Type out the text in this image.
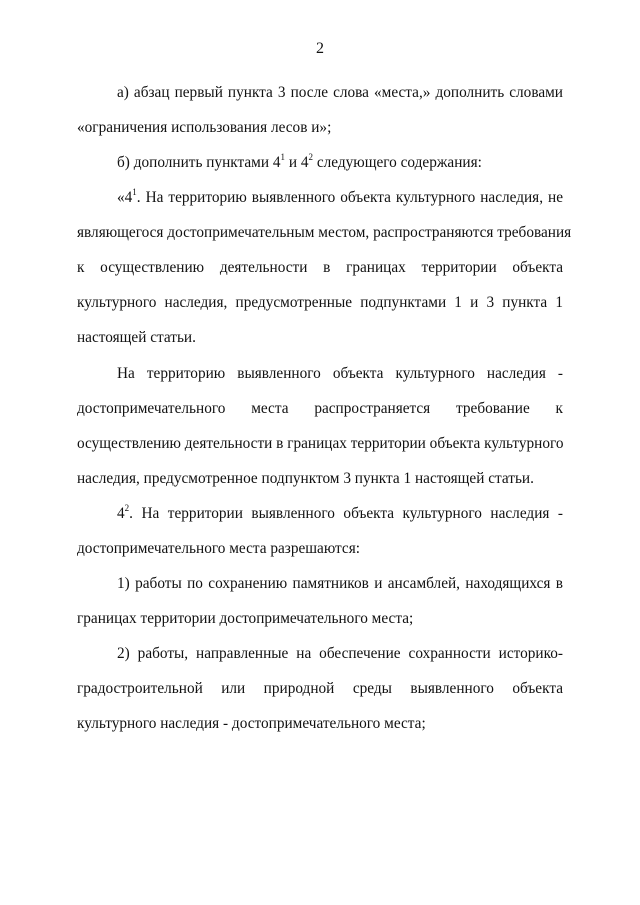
2
а) абзац первый пункта 3 после слова «места,» дополнить словами
«ограничения использования лесов и»;
б) дополнить пунктами $4^1$ и $4^2$ следующего содержания:
«$4^1$. На территорию выявленного объекта культурного наследия, не
являющегося достопримечательным местом, распространяются требования
к осуществлению деятельности в границах территории объекта
культурного наследия, предусмотренные подпунктами 1 и 3 пункта 1
настоящей статьи.
На территорию выявленного объекта культурного наследия -
достопримечательного места распространяется требование к
осуществлению деятельности в границах территории объекта культурного
наследия, предусмотренное подпунктом 3 пункта 1 настоящей статьи.
$4^2$. На территории выявленного объекта культурного наследия -
достопримечательного места разрешаются:
1) работы по сохранению памятников и ансамблей, находящихся в
границах территории достопримечательного места;
2) работы, направленные на обеспечение сохранности историко-
градостроительной или природной среды выявленного объекта
культурного наследия - достопримечательного места;
